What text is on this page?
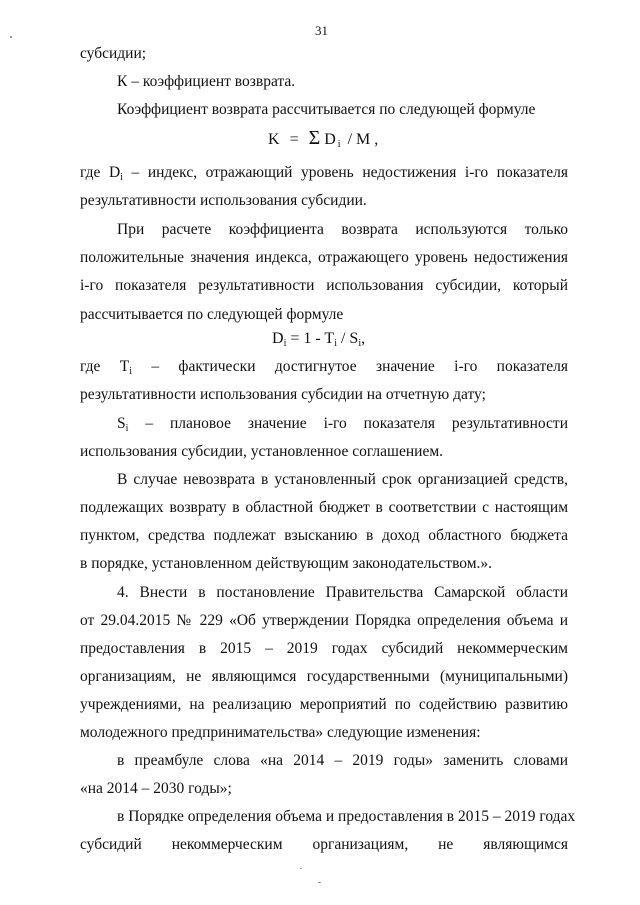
31
субсидии;
К – коэффициент возврата.
Коэффициент возврата рассчитывается по следующей формуле
K = Σ D $_i$ / M ,
где $D_i$ – индекс, отражающий уровень недостижения i-го показателя
результативности использования субсидии.
При расчете коэффициента возврата используются только
положительные значения индекса, отражающего уровень недостижения
i-го показателя результативности использования субсидии, который
рассчитывается по следующей формуле
$D_i = 1 - T_i / S_i$,
где $T_i$ – фактически достигнутое значение i-го показателя
результативности использования субсидии на отчетную дату;
$S_i$ – плановое значение i-го показателя результативности
использования субсидии, установленное соглашением.
В случае невозврата в установленный срок организацией средств,
подлежащих возврату в областной бюджет в соответствии с настоящим
пунктом, средства подлежат взысканию в доход областного бюджета
в порядке, установленном действующим законодательством.».
4. Внести в постановление Правительства Самарской области
от 29.04.2015 № 229 «Об утверждении Порядка определения объема и
предоставления в 2015 – 2019 годах субсидий некоммерческим
организациям, не являющимся государственными (муниципальными)
учреждениями, на реализацию мероприятий по содействию развитию
молодежного предпринимательства» следующие изменения:
в преамбуле слова «на 2014 – 2019 годы» заменить словами
«на 2014 – 2030 годы»;
в Порядке определения объема и предоставления в 2015 – 2019 годах
субсидий некоммерческим организациям, не являющимся
